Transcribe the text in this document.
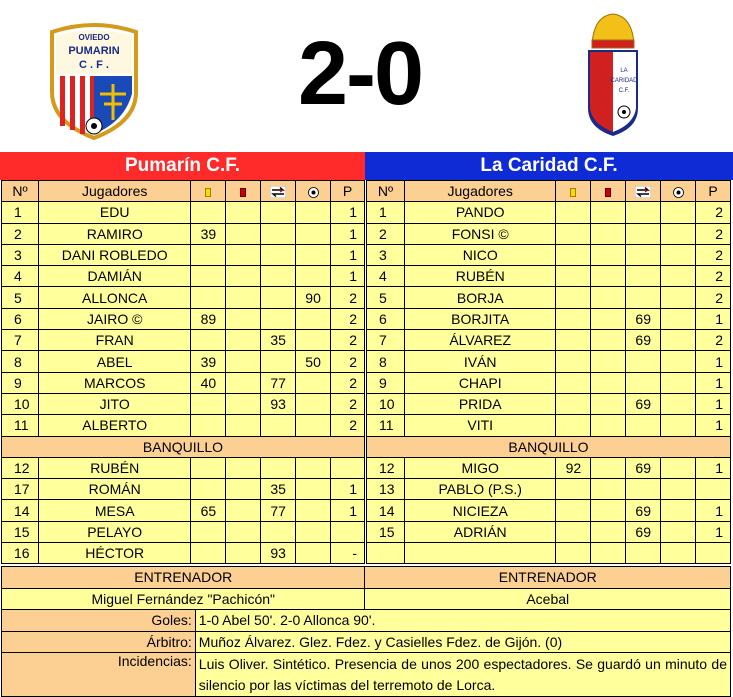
OVIEDO
PUMARIN
C . F .	2-0	LA
CARIDAD
C.F.
Pumarín C.F.	La Caridad C.F.
Nº	Jugadores					P
1	EDU					1
2	RAMIRO	39				1
3	DANI ROBLEDO					1
4	DAMIÁN					1
5	ALLONCA				90	2
6	JAIRO ©	89				2
7	FRAN			35		2
8	ABEL	39			50	2
9	MARCOS	40		77		2
10	JITO			93		2
11	ALBERTO					2
BANQUILLO						
12	RUBÉN					
17	ROMÁN			35		1
14	MESA	65		77		1
15	PELAYO					
16	HÉCTOR			93		-
Nº	Jugadores					P
1	PANDO					2
2	FONSI ©					2
3	NICO					2
4	RUBÉN					2
5	BORJA					2
6	BORJITA			69		1
7	ÁLVAREZ			69		2
8	IVÁN					1
9	CHAPI					1
10	PRIDA			69		1
11	VITI					1
BANQUILLO						
12	MIGO	92		69		1
13	PABLO (P.S.)					
14	NICIEZA			69		1
15	ADRIÁN			69		1

ENTRENADOR		ENTRENADOR
Miguel Fernández "Pachicón"		Acebal
Goles:	1-0 Abel 50'. 2-0 Allonca 90'.	
Árbitro:	Muñoz Álvarez. Glez. Fdez. y Casielles Fdez. de Gijón. (0)	
Incidencias:	Luis Oliver. Sintético. Presencia de unos 200 espectadores. Se guardó un minuto de silencio por las víctimas del terremoto de Lorca.	
